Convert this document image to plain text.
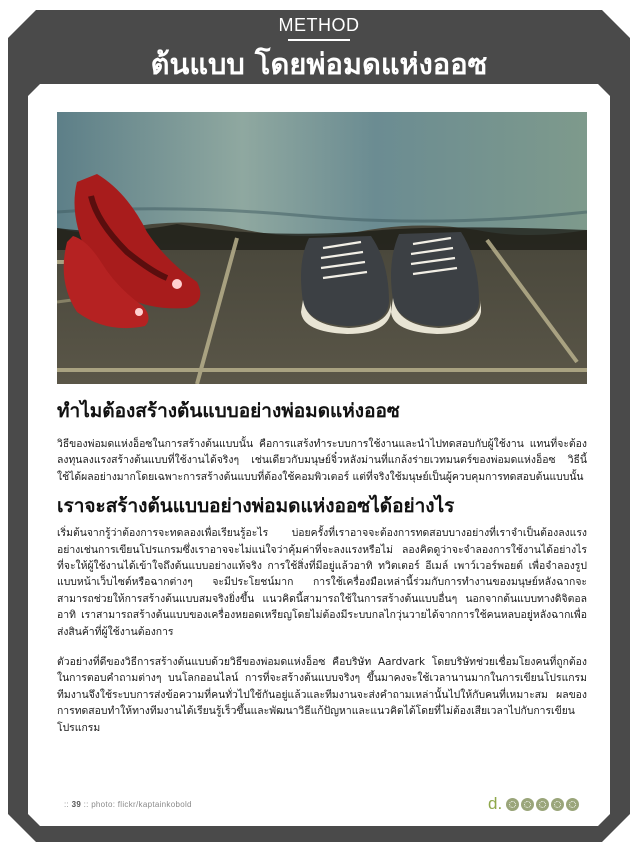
METHOD
ต้นแบบ โดยพ่อมดแห่งออซ
ทำไมต้องสร้างต้นแบบอย่างพ่อมดแห่งออซ

วิธีของพ่อมดแห่งอ็อซในการสร้างต้นแบบนั้น คือการแสร้งทำระบบการใช้งานและนำไปทดสอบกับผู้ใช้งาน แทนที่จะต้องลงทุนลงแรงสร้างต้นแบบที่ใช้งานได้จริงๆ เช่นเดียวกับมนุษย์จิ๋วหลังม่านที่แกล้งร่ายเวทมนตร์ของพ่อมดแห่งอ็อซ วิธีนี้ใช้ได้ผลอย่างมากโดยเฉพาะการสร้างต้นแบบที่ต้องใช้คอมพิวเตอร์ แต่ที่จริงใช้มนุษย์เป็นผู้ควบคุมการทดสอบต้นแบบนั้น

เราจะสร้างต้นแบบอย่างพ่อมดแห่งออซได้อย่างไร

เริ่มต้นจากรู้ว่าต้องการจะทดลองเพื่อเรียนรู้อะไร บ่อยครั้งที่เราอาจจะต้องการทดสอบบางอย่างที่เราจำเป็นต้องลงแรงอย่างเช่นการเขียนโปรแกรมซึ่งเราอาจจะไม่แน่ใจว่าคุ้มค่าที่จะลงแรงหรือไม่ ลองคิดดูว่าจะจำลองการใช้งานได้อย่างไรที่จะให้ผู้ใช้งานได้เข้าใจถึงต้นแบบอย่างแท้จริง การใช้สิ่งที่มีอยู่แล้วอาทิ ทวิตเตอร์ อีเมล์ เพาว์เวอร์พอยต์ เพื่อจำลองรูปแบบหน้าเว็บไซต์หรือฉากต่างๆ จะมีประโยชน์มาก การใช้เครื่องมือเหล่านี้ร่วมกับการทำงานของมนุษย์หลังฉากจะสามารถช่วยให้การสร้างต้นแบบสมจริงยิ่งขึ้น แนวคิดนี้สามารถใช้ในการสร้างต้นแบบอื่นๆ นอกจากต้นแบบทางดิจิตอล อาทิ เราสามารถสร้างต้นแบบของเครื่องหยอดเหรียญโดยไม่ต้องมีระบบกลไกวุ่นวายได้จากการใช้คนหลบอยู่หลังฉากเพื่อส่งสินค้าที่ผู้ใช้งานต้องการ

ตัวอย่างที่ดีของวิธีการสร้างต้นแบบด้วยวิธีของพ่อมดแห่งอ็อซ คือบริษัท Aardvark โดยบริษัทช่วยเชื่อมโยงคนที่ถูกต้องในการตอบคำถามต่างๆ บนโลกออนไลน์ การที่จะสร้างต้นแบบจริงๆ ขึ้นมาคงจะใช้เวลานานมากในการเขียนโปรแกรม ทีมงานจึงใช้ระบบการส่งข้อความที่คนทั่วไปใช้กันอยู่แล้วและทีมงานจะส่งคำถามเหล่านั้นไปให้กับคนที่เหมาะสม ผลของการทดสอบทำให้ทางทีมงานได้เรียนรู้เร็วขึ้นและพัฒนาวิธีแก้ปัญหาและแนวคิดได้โดยที่ไม่ต้องเสียเวลาไปกับการเขียนโปรแกรม

:: 39 :: photo: flickr/kaptainkobold	d.
